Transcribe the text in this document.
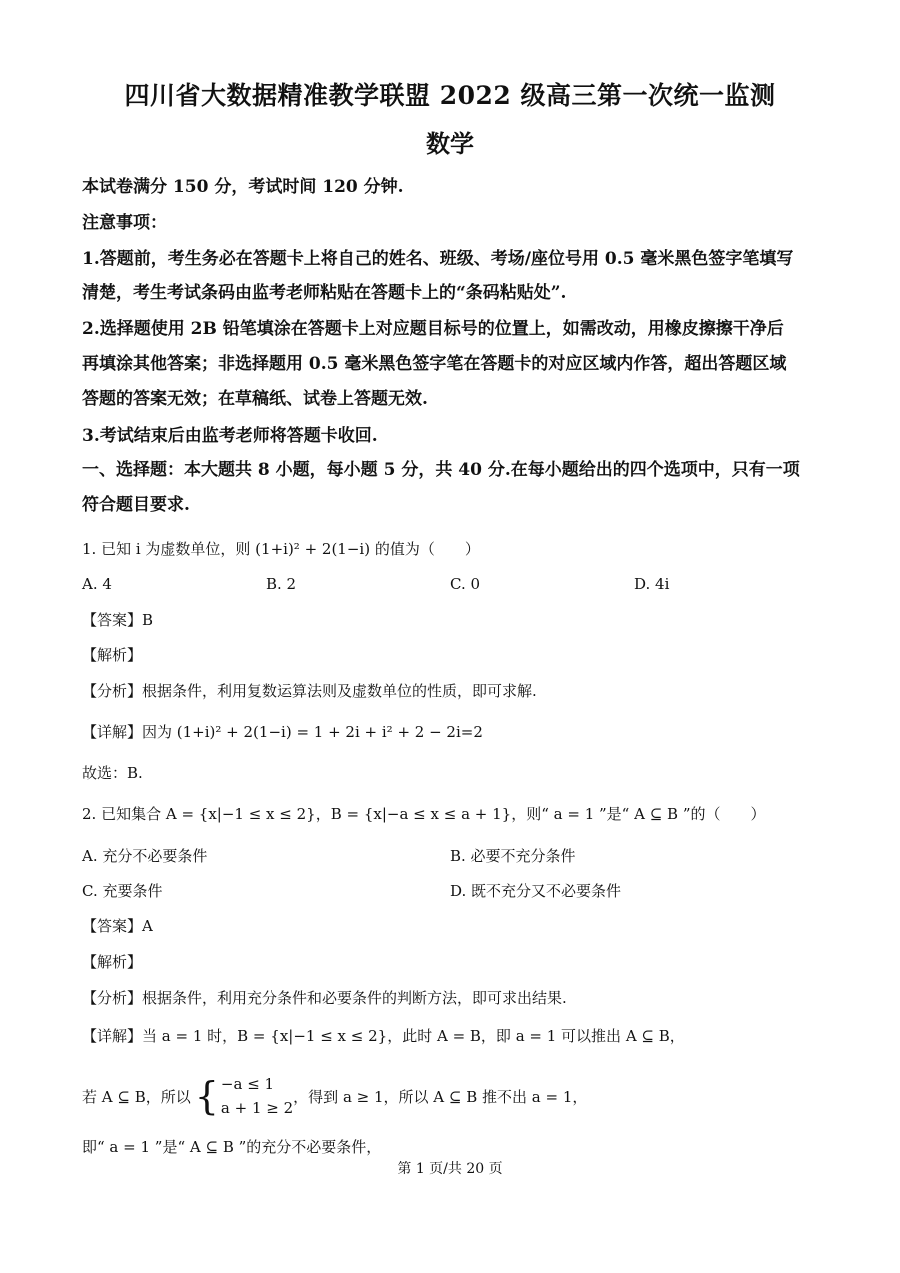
四川省大数据精准教学联盟 2022 级高三第一次统一监测
数学
本试卷满分 150 分，考试时间 120 分钟.
注意事项：
1.答题前，考生务必在答题卡上将自己的姓名、班级、考场/座位号用 0.5 毫米黑色签字笔填写
清楚，考生考试条码由监考老师粘贴在答题卡上的“条码粘贴处”.
2.选择题使用 2B 铅笔填涂在答题卡上对应题目标号的位置上，如需改动，用橡皮擦擦干净后
再填涂其他答案；非选择题用 0.5 毫米黑色签字笔在答题卡的对应区域内作答，超出答题区域
答题的答案无效；在草稿纸、试卷上答题无效.
3.考试结束后由监考老师将答题卡收回.
一、选择题：本大题共 8 小题，每小题 5 分，共 40 分.在每小题给出的四个选项中，只有一项
符合题目要求.
1. 已知 i 为虚数单位，则 (1+i)² + 2(1−i) 的值为（　　）
A. 4	B. 2	C. 0	D. 4i
【答案】B
【解析】
【分析】根据条件，利用复数运算法则及虚数单位的性质，即可求解.
【详解】因为 (1+i)² + 2(1−i) = 1 + 2i + i² + 2 − 2i=2
故选：B.
2. 已知集合 A = {x|−1 ≤ x ≤ 2}，B = {x|−a ≤ x ≤ a + 1}，则“ a = 1 ”是“ A ⊆ B ”的（　　）
A. 充分不必要条件	B. 必要不充分条件
C. 充要条件	D. 既不充分又不必要条件
【答案】A
【解析】
【分析】根据条件，利用充分条件和必要条件的判断方法，即可求出结果.
【详解】当 a = 1 时，B = {x|−1 ≤ x ≤ 2}，此时 A = B，即 a = 1 可以推出 A ⊆ B，
若 A ⊆ B，所以 { −a ≤ 1
a + 1 ≥ 2
，得到 a ≥ 1，所以 A ⊆ B 推不出 a = 1，
即“ a = 1 ”是“ A ⊆ B ”的充分不必要条件，
第 1 页/共 20 页
